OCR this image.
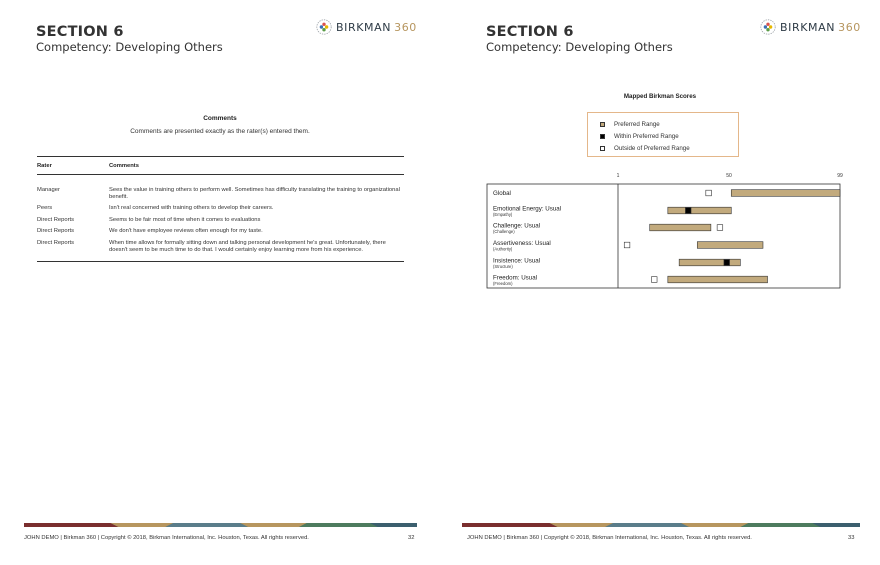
SECTION 6
Competency: Developing Others
BIRKMAN 360
Comments
Comments are presented exactly as the rater(s) entered them.
Rater	Comments
Manager	Sees the value in training others to perform well. Sometimes has difficulty translating the training to organizational benefit.
Peers	Isn't real concerned with training others to develop their careers.
Direct Reports	Seems to be fair most of time when it comes to evaluations
Direct Reports	We don't have employee reviews often enough for my taste.
Direct Reports	When time allows for formally sitting down and talking personal development he's great. Unfortunately, there doesn't seem to be much time to do that. I would certainly enjoy learning more from his experience.
JOHN DEMO | Birkman 360 | Copyright © 2018, Birkman International, Inc. Houston, Texas. All rights reserved.	32
SECTION 6
Competency: Developing Others
BIRKMAN 360
Mapped Birkman Scores
Preferred Range
Within Preferred Range
Outside of Preferred Range
1	50	99
Global
Emotional Energy: Usual
(Empathy)
Challenge: Usual
(Challenge)
Assertiveness: Usual
(Authority)
Insistence: Usual
(Structure)
Freedom: Usual
(Freedom)
JOHN DEMO | Birkman 360 | Copyright © 2018, Birkman International, Inc. Houston, Texas. All rights reserved.	33
